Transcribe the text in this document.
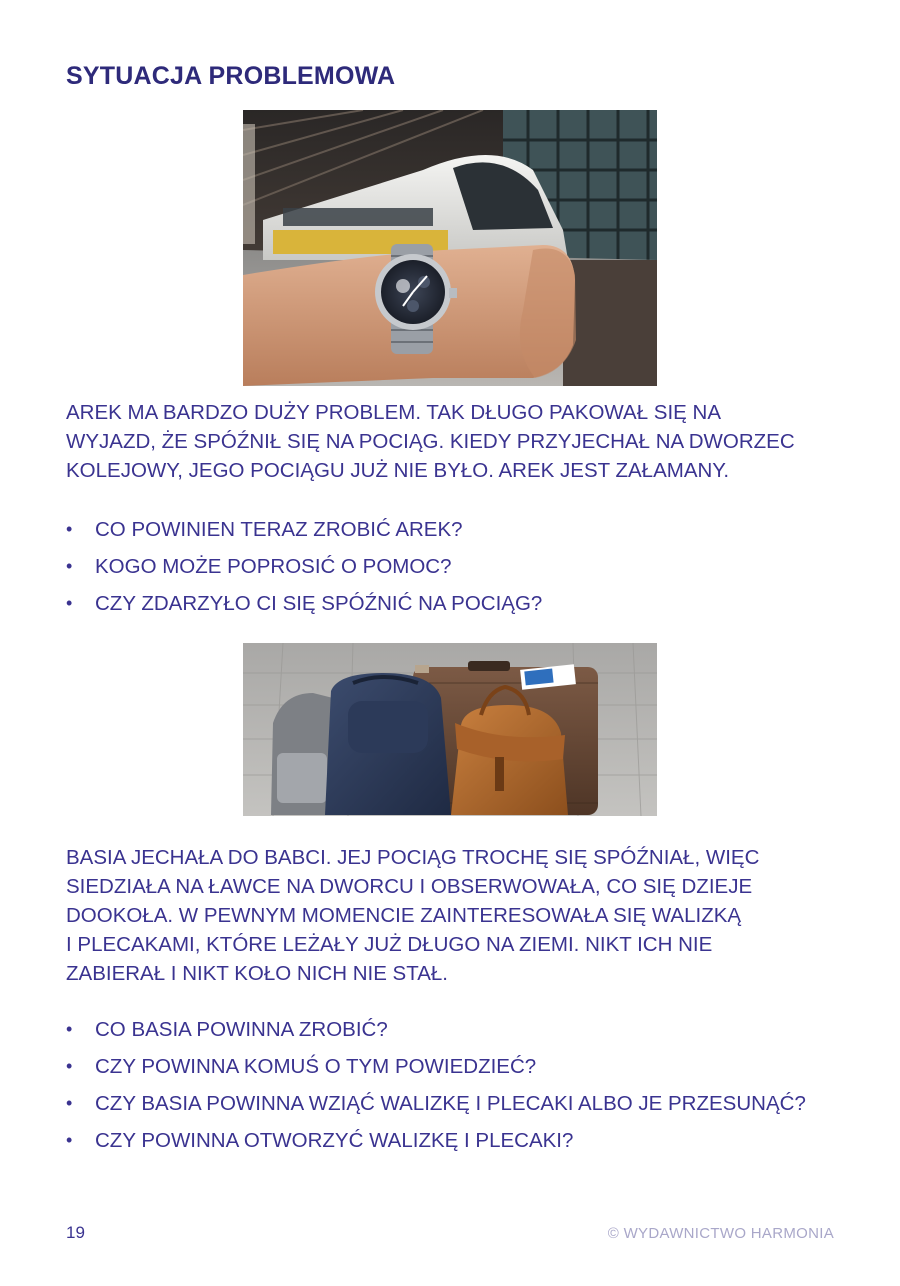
SYTUACJA PROBLEMOWA

AREK MA BARDZO DUŻY PROBLEM. TAK DŁUGO PAKOWAŁ SIĘ NA
WYJAZD, ŻE SPÓŹNIŁ SIĘ NA POCIĄG. KIEDY PRZYJECHAŁ NA DWORZEC
KOLEJOWY, JEGO POCIĄGU JUŻ NIE BYŁO. AREK JEST ZAŁAMANY.

•	CO POWINIEN TERAZ ZROBIĆ AREK?
•	KOGO MOŻE POPROSIĆ O POMOC?
•	CZY ZDARZYŁO CI SIĘ SPÓŹNIĆ NA POCIĄG?

BASIA JECHAŁA DO BABCI. JEJ POCIĄG TROCHĘ SIĘ SPÓŹNIAŁ, WIĘC
SIEDZIAŁA NA ŁAWCE NA DWORCU I OBSERWOWAŁA, CO SIĘ DZIEJE
DOOKOŁA. W PEWNYM MOMENCIE ZAINTERESOWAŁA SIĘ WALIZKĄ
I PLECAKAMI, KTÓRE LEŻAŁY JUŻ DŁUGO NA ZIEMI. NIKT ICH NIE
ZABIERAŁ I NIKT KOŁO NICH NIE STAŁ.

•	CO BASIA POWINNA ZROBIĆ?
•	CZY POWINNA KOMUŚ O TYM POWIEDZIEĆ?
•	CZY BASIA POWINNA WZIĄĆ WALIZKĘ I PLECAKI ALBO JE PRZESUNĄĆ?
•	CZY POWINNA OTWORZYĆ WALIZKĘ I PLECAKI?
19	© WYDAWNICTWO HARMONIA
